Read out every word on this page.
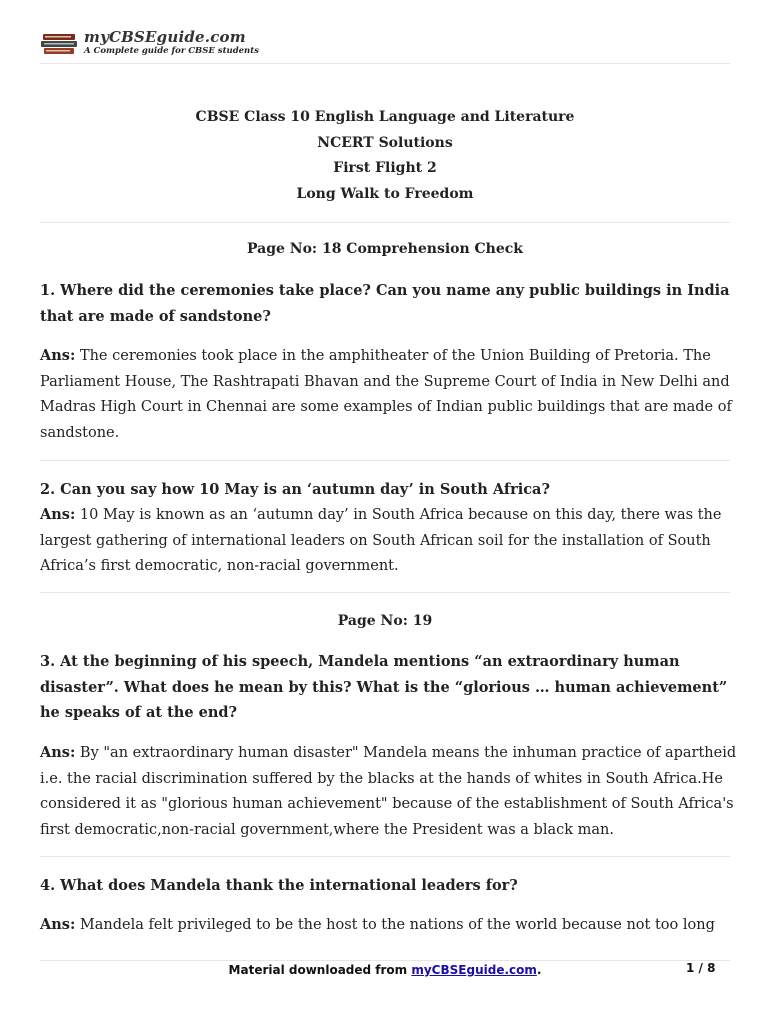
myCBSEguide.com
A Complete guide for CBSE students
CBSE Class 10 English Language and Literature
NCERT Solutions
First Flight 2
Long Walk to Freedom
Page No: 18 Comprehension Check
1. Where did the ceremonies take place? Can you name any public buildings in India that are made of sandstone?
Ans: The ceremonies took place in the amphitheater of the Union Building of Pretoria. The Parliament House, The Rashtrapati Bhavan and the Supreme Court of India in New Delhi and Madras High Court in Chennai are some examples of Indian public buildings that are made of sandstone.
2. Can you say how 10 May is an ‘autumn day’ in South Africa?
Ans: 10 May is known as an ‘autumn day’ in South Africa because on this day, there was the largest gathering of international leaders on South African soil for the installation of South Africa’s first democratic, non-racial government.
Page No: 19
3. At the beginning of his speech, Mandela mentions “an extraordinary human disaster”. What does he mean by this? What is the “glorious … human achievement” he speaks of at the end?
Ans: By "an extraordinary human disaster" Mandela means the inhuman practice of apartheid i.e. the racial discrimination suffered by the blacks at the hands of whites in South Africa.He considered it as "glorious human achievement" because of the establishment of South Africa's first democratic,non-racial government,where the President was a black man.
4. What does Mandela thank the international leaders for?
Ans: Mandela felt privileged to be the host to the nations of the world because not too long
Material downloaded from myCBSEguide.com.	1 / 8
